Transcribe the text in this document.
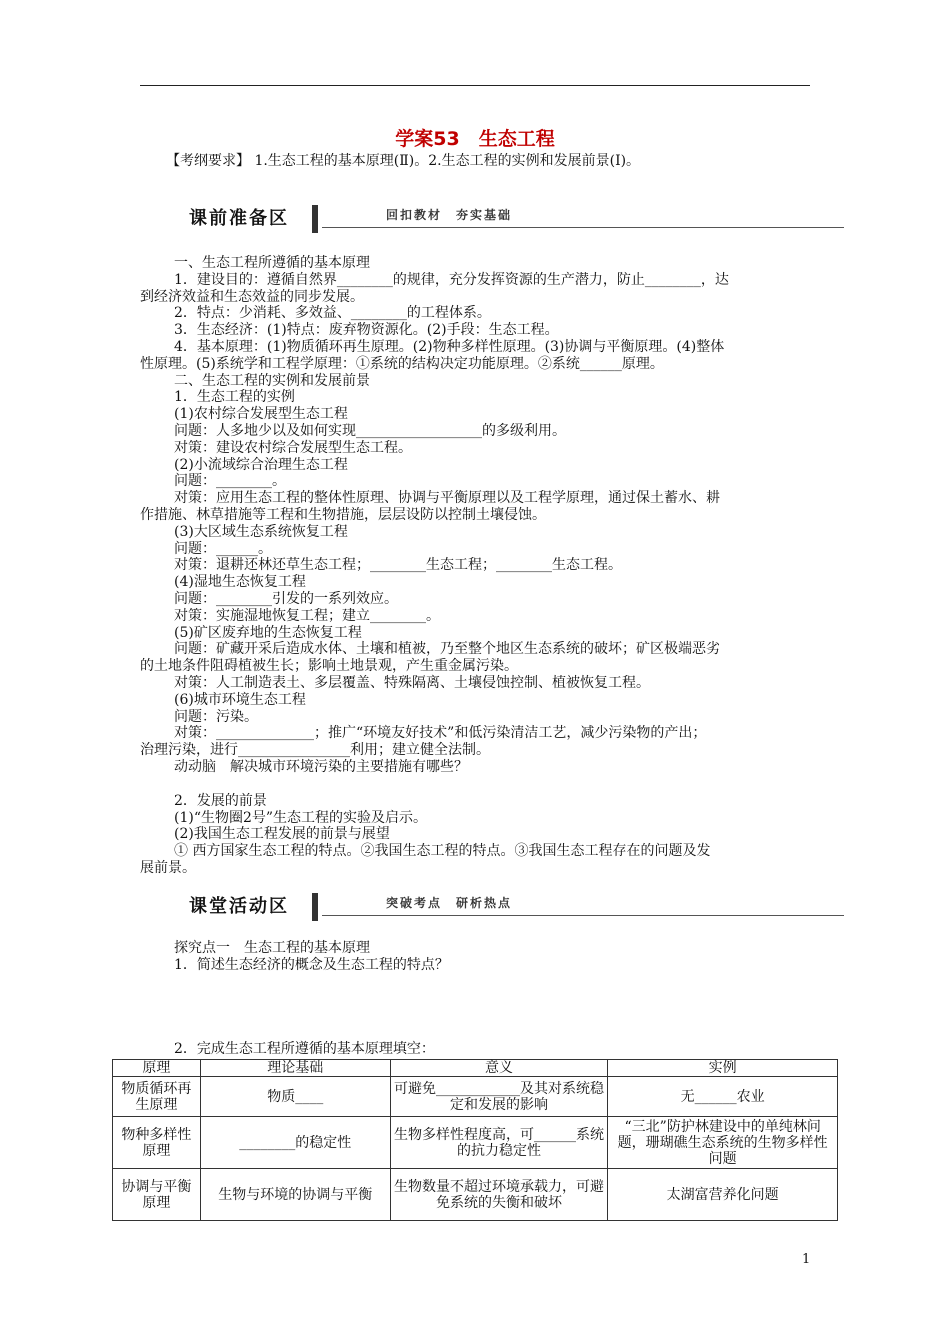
学案53　生态工程
【考纲要求】 1.生态工程的基本原理(Ⅱ)。2.生态工程的实例和发展前景(Ⅰ)。
课前准备区	回扣教材　夯实基础

一、生态工程所遵循的基本原理

1．建设目的：遵循自然界________的规律，充分发挥资源的生产潜力，防止________，达

到经济效益和生态效益的同步发展。

2．特点：少消耗、多效益、________的工程体系。

3．生态经济：(1)特点：废弃物资源化。(2)手段：生态工程。

4．基本原理：(1)物质循环再生原理。(2)物种多样性原理。(3)协调与平衡原理。(4)整体

性原理。(5)系统学和工程学原理：①系统的结构决定功能原理。②系统______原理。

二、生态工程的实例和发展前景

1．生态工程的实例

(1)农村综合发展型生态工程

问题：人多地少以及如何实现__________________的多级利用。

对策：建设农村综合发展型生态工程。

(2)小流域综合治理生态工程

问题：________。

对策：应用生态工程的整体性原理、协调与平衡原理以及工程学原理，通过保土蓄水、耕

作措施、林草措施等工程和生物措施，层层设防以控制土壤侵蚀。

(3)大区域生态系统恢复工程

问题：______。

对策：退耕还林还草生态工程；________生态工程；________生态工程。

(4)湿地生态恢复工程

问题：________引发的一系列效应。

对策：实施湿地恢复工程；建立________。

(5)矿区废弃地的生态恢复工程

问题：矿藏开采后造成水体、土壤和植被，乃至整个地区生态系统的破坏；矿区极端恶劣

的土地条件阻碍植被生长；影响土地景观，产生重金属污染。

对策：人工制造表土、多层覆盖、特殊隔离、土壤侵蚀控制、植被恢复工程。

(6)城市环境生态工程

问题：污染。

对策：______________；推广“环境友好技术”和低污染清洁工艺，减少污染物的产出；

治理污染，进行________________利用；建立健全法制。

动动脑　解决城市环境污染的主要措施有哪些？

2．发展的前景

(1)“生物圈2号”生态工程的实验及启示。

(2)我国生态工程发展的前景与展望

① 西方国家生态工程的特点。②我国生态工程的特点。③我国生态工程存在的问题及发

展前景。

课堂活动区	突破考点　研析热点

探究点一　生态工程的基本原理

1．简述生态经济的概念及生态工程的特点？

2．完成生态工程所遵循的基本原理填空：

原理	理论基础	意义	实例
物质循环再生原理	物质____	可避免____________及其对系统稳定和发展的影响	无______农业
物种多样性原理	________的稳定性	生物多样性程度高，可______系统的抗力稳定性	“三北”防护林建设中的单纯林问题，珊瑚礁生态系统的生物多样性问题
协调与平衡原理	生物与环境的协调与平衡	生物数量不超过环境承载力，可避免系统的失衡和破坏	太湖富营养化问题
1
